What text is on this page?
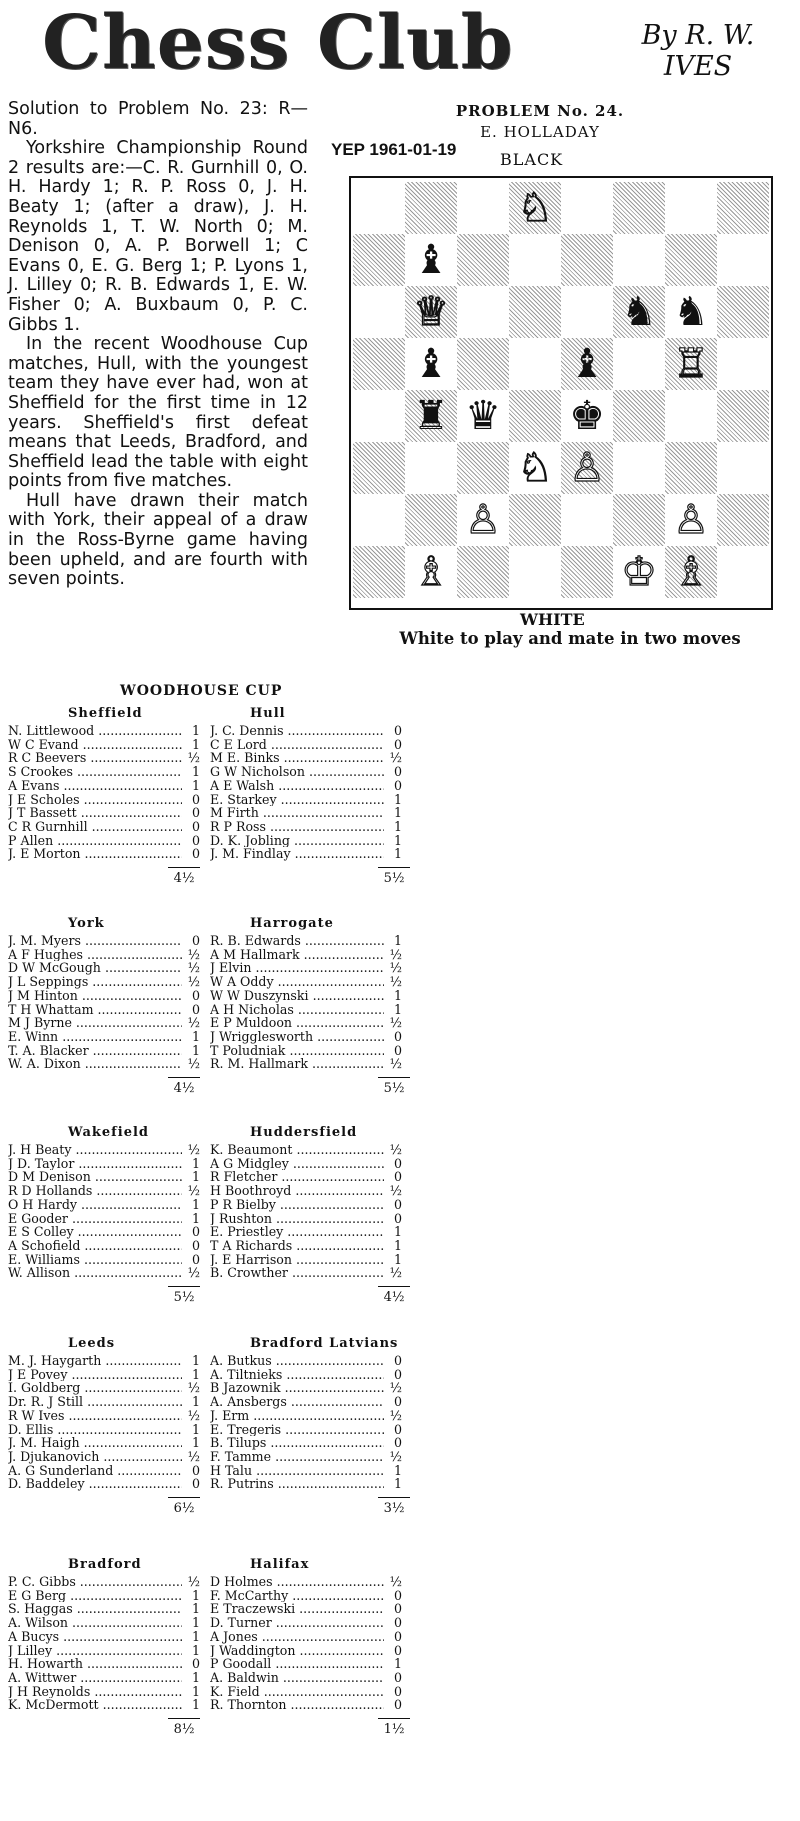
Chess Club	By R. W. IVES

Solution to Problem No. 23: R—N6.

Yorkshire Championship Round 2 results are:—C. R. Gurnhill 0, O. H. Hardy 1; R. P. Ross 0, J. H. Beaty 1; (after a draw), J. H. Reynolds 1, T. W. North 0; M. Denison 0, A. P. Borwell 1; C Evans 0, E. G. Berg 1; P. Lyons 1, J. Lilley 0; R. B. Edwards 1, E. W. Fisher 0; A. Buxbaum 0, P. C. Gibbs 1.

In the recent Woodhouse Cup matches, Hull, with the youngest team they have ever had, won at Sheffield for the first time in 12 years. Sheffield's first defeat means that Leeds, Bradford, and Sheffield lead the table with eight points from five matches.

Hull have drawn their match with York, their appeal of a draw in the Ross-Byrne game having been upheld, and are fourth with seven points.

PROBLEM No. 24.
E. HOLLADAY
YEP 1961-01-19
BLACK
♘
♝
♕	♞ ♞
♝	♝ ♖
♜ ♛ ♚
♘ ♙
♙	♙
♗	♔ ♗
WHITE
White to play and mate in two moves
WOODHOUSE CUP
Sheffield
N. Littlewood .....	1
W C Evand .....	1
R C Beevers .....	½
S Crookes .....	1
A Evans .....	1
J E Scholes .....	0
J T Bassett .....	0
C R Gurnhill .....	0
P Allen .....	0
J. E Morton .....	0
4½
Hull
J. C. Dennis .....	0
C E Lord .....	0
M E. Binks .....	½
G W Nicholson .....	0
A E Walsh .....	0
E. Starkey .....	1
M Firth .....	1
R P Ross .....	1
D. K. Jobling .....	1
J. M. Findlay .....	1
5½
York
J. M. Myers .....	0
A F Hughes .....	½
D W McGough .....	½
J L Seppings .....	½
J M Hinton .....	0
T H Whattam .....	0
M J Byrne .....	½
E. Winn .....	1
T. A. Blacker .....	1
W. A. Dixon .....	½
4½
Harrogate
R. B. Edwards .....	1
A M Hallmark .....	½
J Elvin .....	½
W A Oddy .....	½
W W Duszynski .....	1
A H Nicholas .....	1
E P Muldoon .....	½
J Wrigglesworth .....	0
T Poludniak .....	0
R. M. Hallmark .....	½
5½
Wakefield
J. H Beaty .....	½
J D. Taylor .....	1
D M Denison .....	1
R D Hollands .....	½
O H Hardy .....	1
E Gooder .....	1
E S Colley .....	0
A Schofield .....	0
E. Williams .....	0
W. Allison .....	½
5½
Huddersfield
K. Beaumont .....	½
A G Midgley .....	0
R Fletcher .....	0
H Boothroyd .....	½
P R Bielby .....	0
J Rushton .....	0
E. Priestley .....	1
T A Richards .....	1
J. E Harrison .....	1
B. Crowther .....	½
4½
Leeds
M. J. Haygarth .....	1
J E Povey .....	1
I. Goldberg .....	½
Dr. R. J Still .....	1
R W Ives .....	½
D. Ellis .....	1
J. M. Haigh .....	1
J. Djukanovich .....	½
A. G Sunderland .....	0
D. Baddeley .....	0
6½
Bradford Latvians
A. Butkus .....	0
A. Tiltnieks .....	0
B Jazownik .....	½
A. Ansbergs .....	0
J. Erm .....	½
E. Tregeris .....	0
B. Tilups .....	0
F. Tamme .....	½
H Talu .....	1
R. Putrins .....	1
3½
Bradford
P. C. Gibbs .....	½
E G Berg .....	1
S. Haggas .....	1
A. Wilson .....	1
A Bucys .....	1
J Lilley .....	1
H. Howarth .....	0
A. Wittwer .....	1
J H Reynolds .....	1
K. McDermott .....	1
8½
Halifax
D Holmes .....	½
F. McCarthy .....	0
E Traczewski .....	0
D. Turner .....	0
A Jones .....	0
J Waddington .....	0
P Goodall .....	1
A. Baldwin .....	0
K. Field .....	0
R. Thornton .....	0
1½
